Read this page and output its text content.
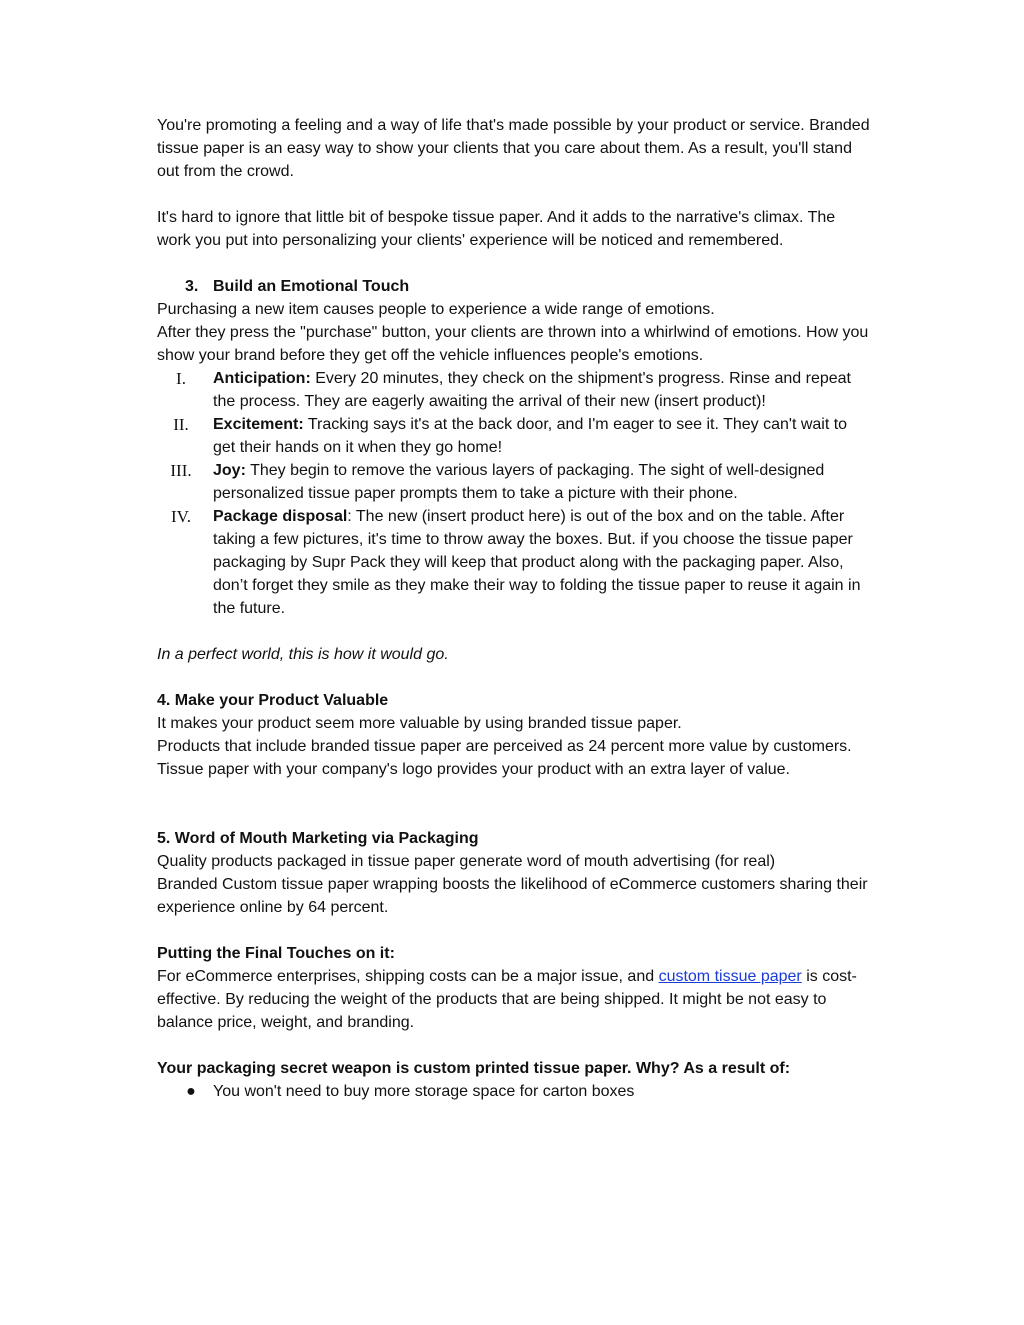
You're promoting a feeling and a way of life that's made possible by your product or service. Branded tissue paper is an easy way to show your clients that you care about them. As a result, you'll stand out from the crowd.

It's hard to ignore that little bit of bespoke tissue paper. And it adds to the narrative's climax. The work you put into personalizing your clients' experience will be noticed and remembered.

3. Build an Emotional Touch

Purchasing a new item causes people to experience a wide range of emotions.

After they press the "purchase" button, your clients are thrown into a whirlwind of emotions. How you show your brand before they get off the vehicle influences people's emotions.

I.	Anticipation: Every 20 minutes, they check on the shipment's progress. Rinse and repeat the process. They are eagerly awaiting the arrival of their new (insert product)!
II.	Excitement: Tracking says it's at the back door, and I'm eager to see it. They can't wait to get their hands on it when they go home!
III.	Joy: They begin to remove the various layers of packaging. The sight of well-designed personalized tissue paper prompts them to take a picture with their phone.
IV.	Package disposal: The new (insert product here) is out of the box and on the table. After taking a few pictures, it's time to throw away the boxes. But. if you choose the tissue paper packaging by Supr Pack they will keep that product along with the packaging paper. Also, don’t forget they smile as they make their way to folding the tissue paper to reuse it again in the future.

In a perfect world, this is how it would go.

4. Make your Product Valuable

It makes your product seem more valuable by using branded tissue paper.

Products that include branded tissue paper are perceived as 24 percent more value by customers. Tissue paper with your company's logo provides your product with an extra layer of value.

5. Word of Mouth Marketing via Packaging

Quality products packaged in tissue paper generate word of mouth advertising (for real)

Branded Custom tissue paper wrapping boosts the likelihood of eCommerce customers sharing their experience online by 64 percent.

Putting the Final Touches on it:

For eCommerce enterprises, shipping costs can be a major issue, and custom tissue paper is cost-effective. By reducing the weight of the products that are being shipped. It might be not easy to balance price, weight, and branding.

Your packaging secret weapon is custom printed tissue paper. Why? As a result of:

●	You won't need to buy more storage space for carton boxes
